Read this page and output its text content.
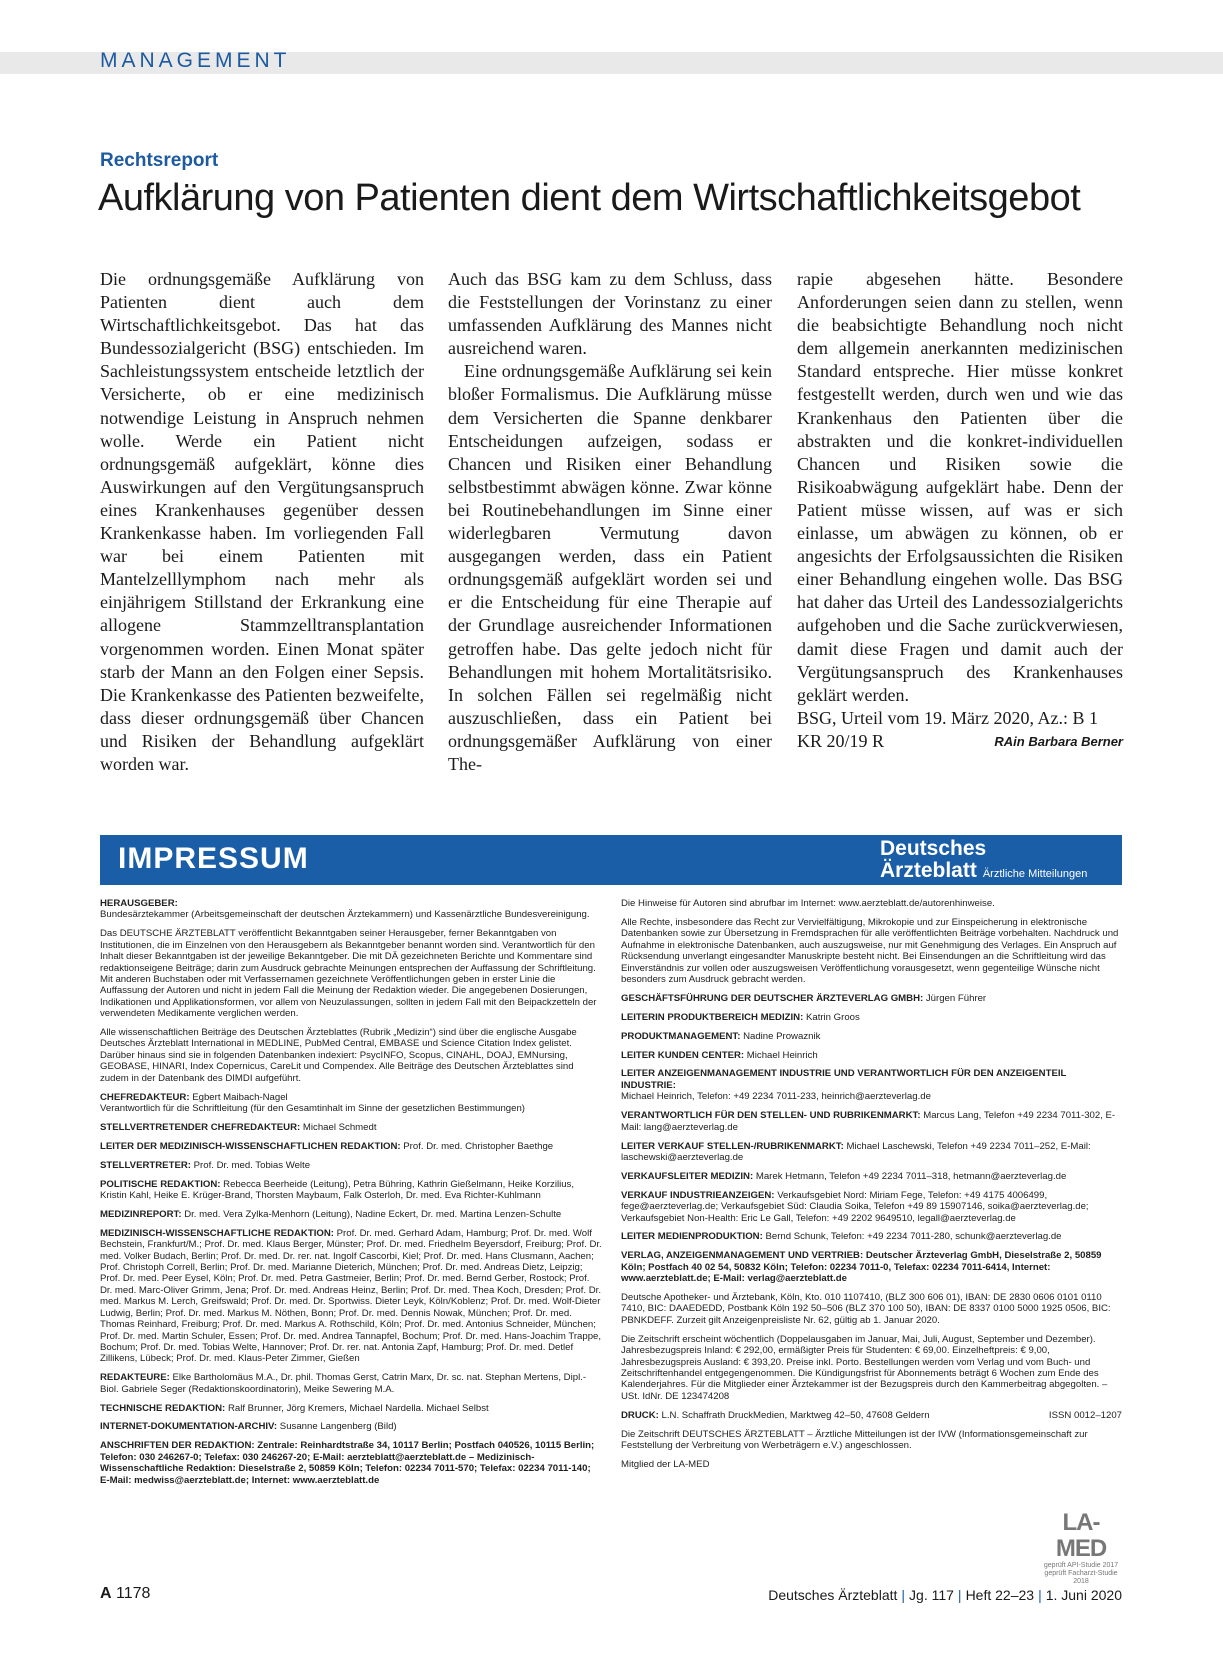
MANAGEMENT
Rechtsreport
Aufklärung von Patienten dient dem Wirtschaftlichkeitsgebot

Die ordnungsgemäße Aufklärung von Patienten dient auch dem Wirtschaftlichkeitsgebot. Das hat das Bundessozialgericht (BSG) entschieden. Im Sachleistungssystem entscheide letztlich der Versicherte, ob er eine medizinisch notwendige Leistung in Anspruch nehmen wolle. Werde ein Patient nicht ordnungsgemäß aufgeklärt, könne dies Auswirkungen auf den Vergütungsanspruch eines Krankenhauses gegenüber dessen Krankenkasse haben. Im vorliegenden Fall war bei einem Patienten mit Mantelzelllymphom nach mehr als einjährigem Stillstand der Erkrankung eine allogene Stammzelltransplantation vorgenommen worden. Einen Monat später starb der Mann an den Folgen einer Sepsis. Die Krankenkasse des Patienten bezweifelte, dass dieser ordnungsgemäß über Chancen und Risiken der Behandlung aufgeklärt worden war.

Auch das BSG kam zu dem Schluss, dass die Feststellungen der Vorinstanz zu einer umfassenden Aufklärung des Mannes nicht ausreichend waren.

Eine ordnungsgemäße Aufklärung sei kein bloßer Formalismus. Die Aufklärung müsse dem Versicherten die Spanne denkbarer Entscheidungen aufzeigen, sodass er Chancen und Risiken einer Behandlung selbstbestimmt abwägen könne. Zwar könne bei Routinebehandlungen im Sinne einer widerlegbaren Vermutung davon ausgegangen werden, dass ein Patient ordnungsgemäß aufgeklärt worden sei und er die Entscheidung für eine Therapie auf der Grundlage ausreichender Informationen getroffen habe. Das gelte jedoch nicht für Behandlungen mit hohem Mortalitätsrisiko. In solchen Fällen sei regelmäßig nicht auszuschließen, dass ein Patient bei ordnungsgemäßer Aufklärung von einer The-

rapie abgesehen hätte. Besondere Anforderungen seien dann zu stellen, wenn die beabsichtigte Behandlung noch nicht dem allgemein anerkannten medizinischen Standard entspreche. Hier müsse konkret festgestellt werden, durch wen und wie das Krankenhaus den Patienten über die abstrakten und die konkret-individuellen Chancen und Risiken sowie die Risikoabwägung aufgeklärt habe. Denn der Patient müsse wissen, auf was er sich einlasse, um abwägen zu können, ob er angesichts der Erfolgsaussichten die Risiken einer Behandlung eingehen wolle. Das BSG hat daher das Urteil des Landessozialgerichts aufgehoben und die Sache zurückverwiesen, damit diese Fragen und damit auch der Vergütungsanspruch des Krankenhauses geklärt werden.

BSG, Urteil vom 19. März 2020, Az.: B 1 KR 20/19 R	RAin Barbara Berner

IMPRESSUM	Deutsches
Ärzteblatt Ärztliche Mitteilungen

HERAUSGEBER:
Bundesärztekammer (Arbeitsgemeinschaft der deutschen Ärztekammern) und Kassenärztliche Bundesvereinigung.

Das DEUTSCHE ÄRZTEBLATT veröffentlicht Bekanntgaben seiner Herausgeber, ferner Bekanntgaben von Institutionen, die im Einzelnen von den Herausgebern als Bekanntgeber benannt worden sind. Verantwortlich für den Inhalt dieser Bekanntgaben ist der jeweilige Bekanntgeber. Die mit DÄ gezeichneten Berichte und Kommentare sind redaktionseigene Beiträge; darin zum Ausdruck gebrachte Meinungen entsprechen der Auffassung der Schriftleitung. Mit anderen Buchstaben oder mit Verfassernamen gezeichnete Veröffentlichungen geben in erster Linie die Auffassung der Autoren und nicht in jedem Fall die Meinung der Redaktion wieder. Die angegebenen Dosierungen, Indikationen und Applikationsformen, vor allem von Neuzulassungen, sollten in jedem Fall mit den Beipackzetteln der verwendeten Medikamente verglichen werden.

Alle wissenschaftlichen Beiträge des Deutschen Ärzteblattes (Rubrik „Medizin“) sind über die englische Ausgabe Deutsches Ärzteblatt International in MEDLINE, PubMed Central, EMBASE und Science Citation Index gelistet. Darüber hinaus sind sie in folgenden Datenbanken indexiert: PsycINFO, Scopus, CINAHL, DOAJ, EMNursing, GEOBASE, HINARI, Index Copernicus, CareLit und Compendex. Alle Beiträge des Deutschen Ärzteblattes sind zudem in der Datenbank des DIMDI aufgeführt.

CHEFREDAKTEUR: Egbert Maibach-Nagel
Verantwortlich für die Schriftleitung (für den Gesamtinhalt im Sinne der gesetzlichen Bestimmungen)

STELLVERTRETENDER CHEFREDAKTEUR: Michael Schmedt

LEITER DER MEDIZINISCH-WISSENSCHAFTLICHEN REDAKTION: Prof. Dr. med. Christopher Baethge

STELLVERTRETER: Prof. Dr. med. Tobias Welte

POLITISCHE REDAKTION: Rebecca Beerheide (Leitung), Petra Bühring, Kathrin Gießelmann, Heike Korzilius, Kristin Kahl, Heike E. Krüger-Brand, Thorsten Maybaum, Falk Osterloh, Dr. med. Eva Richter-Kuhlmann

MEDIZINREPORT: Dr. med. Vera Zylka-Menhorn (Leitung), Nadine Eckert, Dr. med. Martina Lenzen-Schulte

MEDIZINISCH-WISSENSCHAFTLICHE REDAKTION: Prof. Dr. med. Gerhard Adam, Hamburg; Prof. Dr. med. Wolf Bechstein, Frankfurt/M.; Prof. Dr. med. Klaus Berger, Münster; Prof. Dr. med. Friedhelm Beyersdorf, Freiburg; Prof. Dr. med. Volker Budach, Berlin; Prof. Dr. med. Dr. rer. nat. Ingolf Cascorbi, Kiel; Prof. Dr. med. Hans Clusmann, Aachen; Prof. Christoph Correll, Berlin; Prof. Dr. med. Marianne Dieterich, München; Prof. Dr. med. Andreas Dietz, Leipzig; Prof. Dr. med. Peer Eysel, Köln; Prof. Dr. med. Petra Gastmeier, Berlin; Prof. Dr. med. Bernd Gerber, Rostock; Prof. Dr. med. Marc-Oliver Grimm, Jena; Prof. Dr. med. Andreas Heinz, Berlin; Prof. Dr. med. Thea Koch, Dresden; Prof. Dr. med. Markus M. Lerch, Greifswald; Prof. Dr. med. Dr. Sportwiss. Dieter Leyk, Köln/Koblenz; Prof. Dr. med. Wolf-Dieter Ludwig, Berlin; Prof. Dr. med. Markus M. Nöthen, Bonn; Prof. Dr. med. Dennis Nowak, München; Prof. Dr. med. Thomas Reinhard, Freiburg; Prof. Dr. med. Markus A. Rothschild, Köln; Prof. Dr. med. Antonius Schneider, München; Prof. Dr. med. Martin Schuler, Essen; Prof. Dr. med. Andrea Tannapfel, Bochum; Prof. Dr. med. Hans-Joachim Trappe, Bochum; Prof. Dr. med. Tobias Welte, Hannover; Prof. Dr. rer. nat. Antonia Zapf, Hamburg; Prof. Dr. med. Detlef Zillikens, Lübeck; Prof. Dr. med. Klaus-Peter Zimmer, Gießen

REDAKTEURE: Elke Bartholomäus M.A., Dr. phil. Thomas Gerst, Catrin Marx, Dr. sc. nat. Stephan Mertens, Dipl.-Biol. Gabriele Seger (Redaktionskoordinatorin), Meike Sewering M.A.

TECHNISCHE REDAKTION: Ralf Brunner, Jörg Kremers, Michael Nardella. Michael Selbst

INTERNET-DOKUMENTATION-ARCHIV: Susanne Langenberg (Bild)

ANSCHRIFTEN DER REDAKTION: Zentrale: Reinhardtstraße 34, 10117 Berlin; Postfach 040526, 10115 Berlin; Telefon: 030 246267-0; Telefax: 030 246267-20; E-Mail: aerzteblatt@aerzteblatt.de – Medizinisch-Wissenschaftliche Redaktion: Dieselstraße 2, 50859 Köln; Telefon: 02234 7011-570; Telefax: 02234 7011-140; E-Mail: medwiss@aerzteblatt.de; Internet: www.aerzteblatt.de

Die Hinweise für Autoren sind abrufbar im Internet: www.aerzteblatt.de/autorenhinweise.

Alle Rechte, insbesondere das Recht zur Vervielfältigung, Mikrokopie und zur Einspeicherung in elektronische Datenbanken sowie zur Übersetzung in Fremdsprachen für alle veröffentlichten Beiträge vorbehalten. Nachdruck und Aufnahme in elektronische Datenbanken, auch auszugsweise, nur mit Genehmigung des Verlages. Ein Anspruch auf Rücksendung unverlangt eingesandter Manuskripte besteht nicht. Bei Einsendungen an die Schriftleitung wird das Einverständnis zur vollen oder auszugsweisen Veröffentlichung vorausgesetzt, wenn gegenteilige Wünsche nicht besonders zum Ausdruck gebracht werden.

GESCHÄFTSFÜHRUNG DER DEUTSCHER ÄRZTEVERLAG GMBH: Jürgen Führer

LEITERIN PRODUKTBEREICH MEDIZIN: Katrin Groos

PRODUKTMANAGEMENT: Nadine Prowaznik

LEITER KUNDEN CENTER: Michael Heinrich

LEITER ANZEIGENMANAGEMENT INDUSTRIE UND VERANTWORTLICH FÜR DEN ANZEIGENTEIL INDUSTRIE:
Michael Heinrich, Telefon: +49 2234 7011-233, heinrich@aerzteverlag.de

VERANTWORTLICH FÜR DEN STELLEN- UND RUBRIKENMARKT: Marcus Lang, Telefon +49 2234 7011-302, E-Mail: lang@aerzteverlag.de

LEITER VERKAUF STELLEN-/RUBRIKENMARKT: Michael Laschewski, Telefon +49 2234 7011–252, E-Mail: laschewski@aerzteverlag.de

VERKAUFSLEITER MEDIZIN: Marek Hetmann, Telefon +49 2234 7011–318, hetmann@aerzteverlag.de

VERKAUF INDUSTRIEANZEIGEN: Verkaufsgebiet Nord: Miriam Fege, Telefon: +49 4175 4006499, fege@aerzteverlag.de; Verkaufsgebiet Süd: Claudia Soika, Telefon +49 89 15907146, soika@aerzteverlag.de; Verkaufsgebiet Non-Health: Eric Le Gall, Telefon: +49 2202 9649510, legall@aerzteverlag.de

LEITER MEDIENPRODUKTION: Bernd Schunk, Telefon: +49 2234 7011-280, schunk@aerzteverlag.de

VERLAG, ANZEIGENMANAGEMENT UND VERTRIEB: Deutscher Ärzteverlag GmbH, Dieselstraße 2, 50859 Köln; Postfach 40 02 54, 50832 Köln; Telefon: 02234 7011-0, Telefax: 02234 7011-6414, Internet: www.aerzteblatt.de; E-Mail: verlag@aerzteblatt.de

Deutsche Apotheker- und Ärztebank, Köln, Kto. 010 1107410, (BLZ 300 606 01), IBAN: DE 2830 0606 0101 0110 7410, BIC: DAAEDEDD, Postbank Köln 192 50–506 (BLZ 370 100 50), IBAN: DE 8337 0100 5000 1925 0506, BIC: PBNKDEFF. Zurzeit gilt Anzeigenpreisliste Nr. 62, gültig ab 1. Januar 2020.

Die Zeitschrift erscheint wöchentlich (Doppelausgaben im Januar, Mai, Juli, August, September und Dezember). Jahresbezugspreis Inland: € 292,00, ermäßigter Preis für Studenten: € 69,00. Einzelheftpreis: € 9,00, Jahresbezugspreis Ausland: € 393,20. Preise inkl. Porto. Bestellungen werden vom Verlag und vom Buch- und Zeitschriftenhandel entgegengenommen. Die Kündigungsfrist für Abonnements beträgt 6 Wochen zum Ende des Kalenderjahres. Für die Mitglieder einer Ärztekammer ist der Bezugspreis durch den Kammerbeitrag abgegolten. – USt. IdNr. DE 123474208

ISSN 0012–1207
DRUCK: L.N. Schaffrath DruckMedien, Marktweg 42–50, 47608 Geldern

Die Zeitschrift DEUTSCHES ÄRZTEBLATT – Ärztliche Mitteilungen ist der IVW (Informationsgemeinschaft zur Feststellung der Verbreitung von Werbeträgern e.V.) angeschlossen.

Mitglied der LA-MED

LA-MED
geprüft API-Studie 2017
geprüft Facharzt-Studie 2018
A 1178	Deutsches Ärzteblatt | Jg. 117 | Heft 22–23 | 1. Juni 2020
